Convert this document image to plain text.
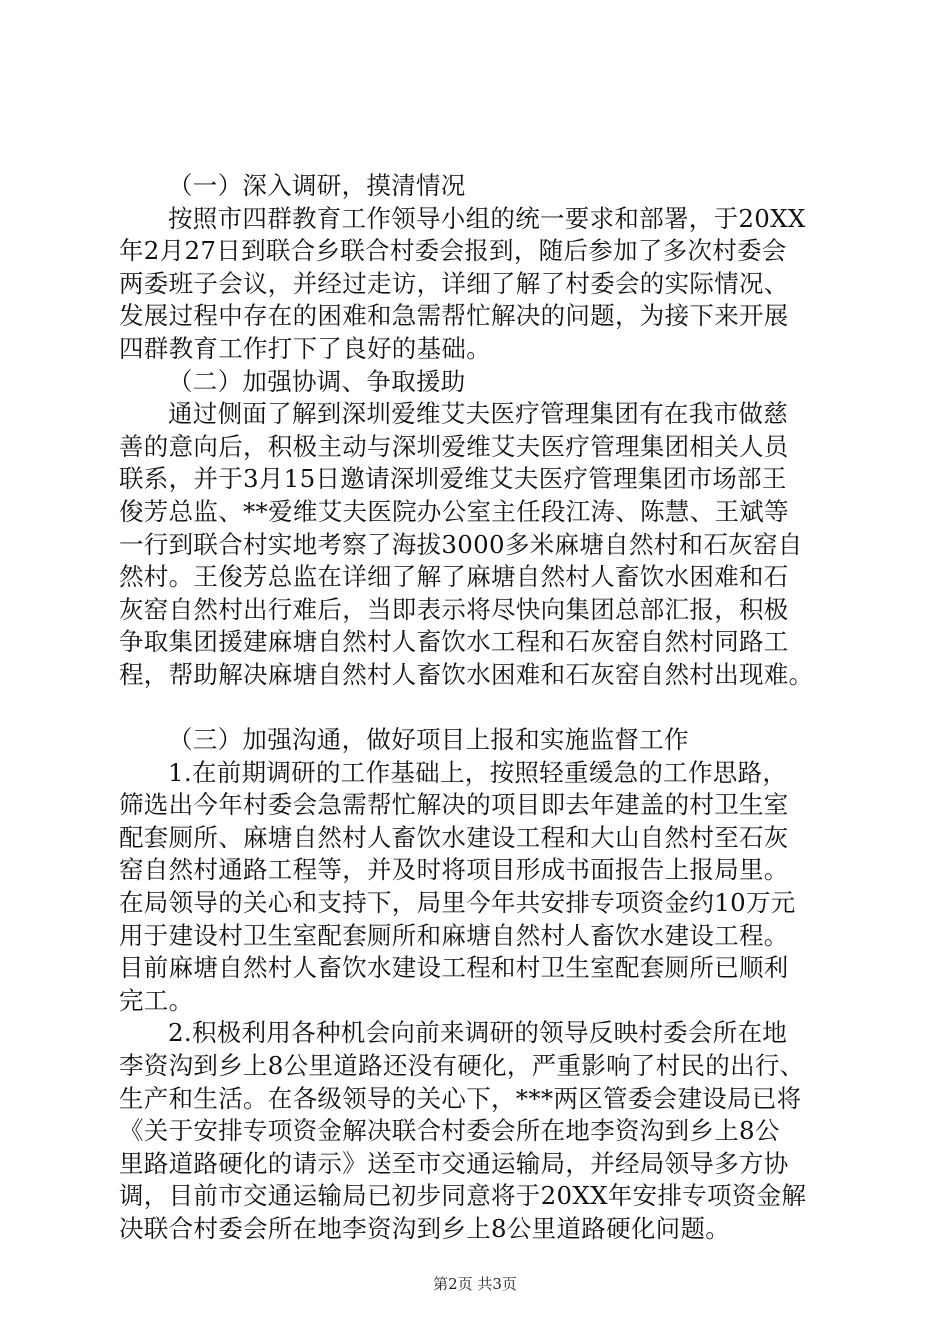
（一）深入调研，摸清情况
按照市四群教育工作领导小组的统一要求和部署，于20XX
年2月27日到联合乡联合村委会报到，随后参加了多次村委会
两委班子会议，并经过走访，详细了解了村委会的实际情况、
发展过程中存在的困难和急需帮忙解决的问题，为接下来开展
四群教育工作打下了良好的基础。
（二）加强协调、争取援助
通过侧面了解到深圳爱维艾夫医疗管理集团有在我市做慈
善的意向后，积极主动与深圳爱维艾夫医疗管理集团相关人员
联系，并于3月15日邀请深圳爱维艾夫医疗管理集团市场部王
俊芳总监、**爱维艾夫医院办公室主任段江涛、陈慧、王斌等
一行到联合村实地考察了海拔3000多米麻塘自然村和石灰窑自
然村。王俊芳总监在详细了解了麻塘自然村人畜饮水困难和石
灰窑自然村出行难后，当即表示将尽快向集团总部汇报，积极
争取集团援建麻塘自然村人畜饮水工程和石灰窑自然村同路工
程，帮助解决麻塘自然村人畜饮水困难和石灰窑自然村出现难。
（三）加强沟通，做好项目上报和实施监督工作
1.在前期调研的工作基础上，按照轻重缓急的工作思路，
筛选出今年村委会急需帮忙解决的项目即去年建盖的村卫生室
配套厕所、麻塘自然村人畜饮水建设工程和大山自然村至石灰
窑自然村通路工程等，并及时将项目形成书面报告上报局里。
在局领导的关心和支持下，局里今年共安排专项资金约10万元
用于建设村卫生室配套厕所和麻塘自然村人畜饮水建设工程。
目前麻塘自然村人畜饮水建设工程和村卫生室配套厕所已顺利
完工。
2.积极利用各种机会向前来调研的领导反映村委会所在地
李资沟到乡上8公里道路还没有硬化，严重影响了村民的出行、
生产和生活。在各级领导的关心下，***两区管委会建设局已将
《关于安排专项资金解决联合村委会所在地李资沟到乡上8公
里路道路硬化的请示》送至市交通运输局，并经局领导多方协
调，目前市交通运输局已初步同意将于20XX年安排专项资金解
决联合村委会所在地李资沟到乡上8公里道路硬化问题。
第2页 共3页
